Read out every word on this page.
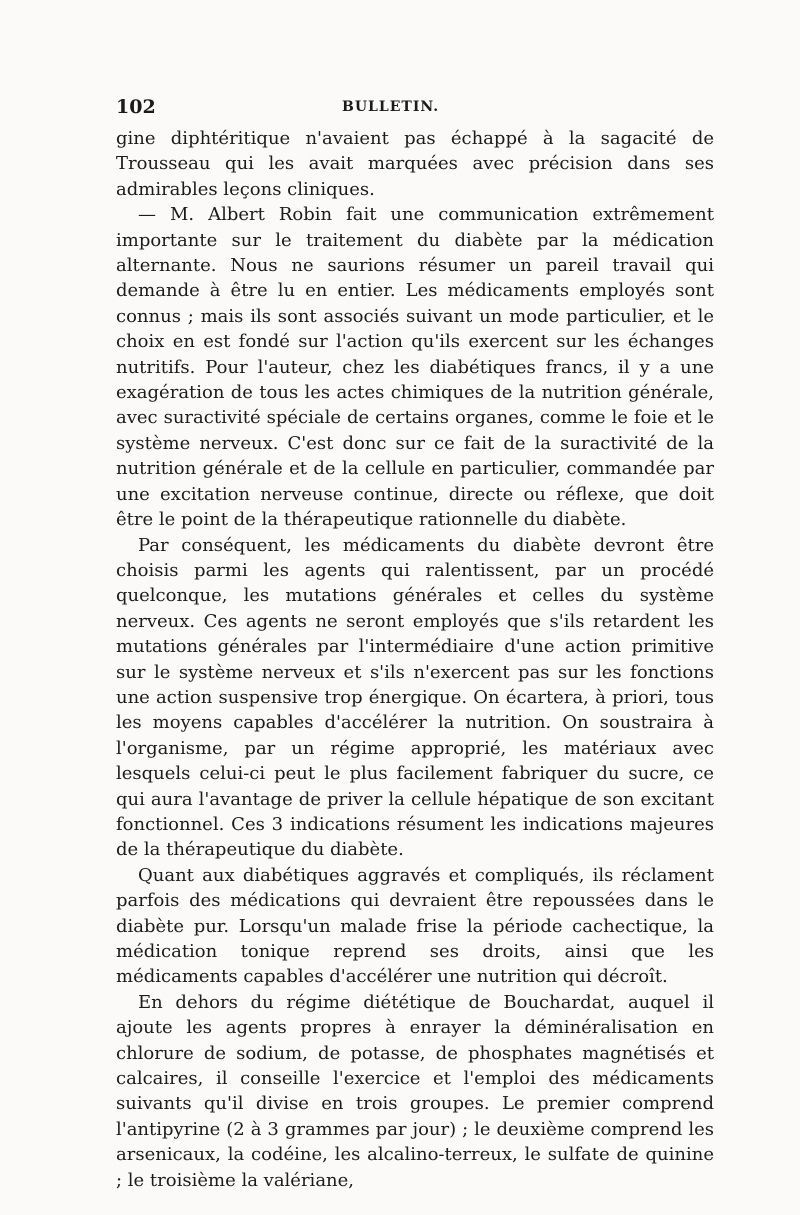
102	BULLETIN.

gine diphtéritique n'avaient pas échappé à la sagacité de Trousseau qui les avait marquées avec précision dans ses admirables leçons cliniques.

— M. Albert Robin fait une communication extrêmement importante sur le traitement du diabète par la médication alternante. Nous ne saurions résumer un pareil travail qui demande à être lu en entier. Les médicaments employés sont connus ; mais ils sont associés suivant un mode particulier, et le choix en est fondé sur l'action qu'ils exercent sur les échanges nutritifs. Pour l'auteur, chez les diabétiques francs, il y a une exagération de tous les actes chimiques de la nutrition générale, avec suractivité spéciale de certains organes, comme le foie et le système nerveux. C'est donc sur ce fait de la suractivité de la nutrition générale et de la cellule en particulier, commandée par une excitation nerveuse continue, directe ou réflexe, que doit être le point de la thérapeutique rationnelle du diabète.

Par conséquent, les médicaments du diabète devront être choisis parmi les agents qui ralentissent, par un procédé quelconque, les mutations générales et celles du système nerveux. Ces agents ne seront employés que s'ils retardent les mutations générales par l'intermédiaire d'une action primitive sur le système nerveux et s'ils n'exercent pas sur les fonctions une action suspensive trop énergique. On écartera, à priori, tous les moyens capables d'accélérer la nutrition. On soustraira à l'organisme, par un régime approprié, les matériaux avec lesquels celui-ci peut le plus facilement fabriquer du sucre, ce qui aura l'avantage de priver la cellule hépatique de son excitant fonctionnel. Ces 3 indications résument les indications majeures de la thérapeutique du diabète.

Quant aux diabétiques aggravés et compliqués, ils réclament parfois des médications qui devraient être repoussées dans le diabète pur. Lorsqu'un malade frise la période cachectique, la médication tonique reprend ses droits, ainsi que les médicaments capables d'accélérer une nutrition qui décroît.

En dehors du régime diététique de Bouchardat, auquel il ajoute les agents propres à enrayer la déminéralisation en chlorure de sodium, de potasse, de phosphates magnétisés et calcaires, il conseille l'exercice et l'emploi des médicaments suivants qu'il divise en trois groupes. Le premier comprend l'antipyrine (2 à 3 grammes par jour) ; le deuxième comprend les arsenicaux, la codéine, les alcalino-terreux, le sulfate de quinine ; le troisième la valériane,
